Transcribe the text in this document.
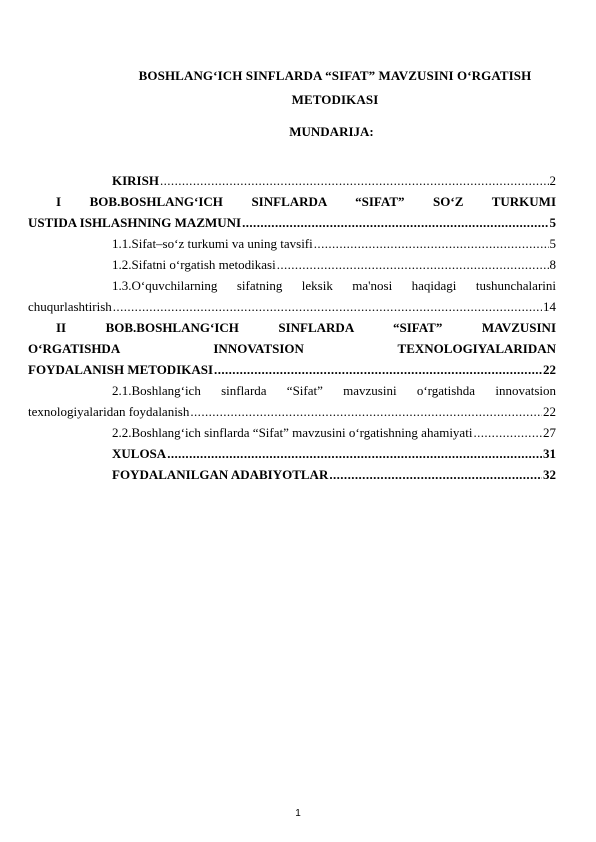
BOSHLANG‘ICH SINFLARDA “SIFAT” MAVZUSINI O‘RGATISH
METODIKASI
MUNDARIJA:
KIRISH .....	2
I BOB.BOSHLANG‘ICH SINFLARDA “SIFAT” SO‘Z TURKUMI
USTIDA ISHLASHNING MAZMUNI .....	5
1.1.Sifat–so‘z turkumi va uning tavsifi .....	5
1.2.Sifatni o‘rgatish metodikasi .....	8
1.3.O‘quvchilarning sifatning leksik ma'nosi haqidagi tushunchalarini
chuqurlashtirish .....	14
II BOB.BOSHLANG‘ICH SINFLARDA “SIFAT” MAVZUSINI
O‘RGATISHDA INNOVATSION TEXNOLOGIYALARIDAN
FOYDALANISH METODIKASI .....	22
2.1.Boshlang‘ich sinflarda “Sifat” mavzusini o‘rgatishda innovatsion
texnologiyalaridan foydalanish .....	22
2.2.Boshlang‘ich sinflarda “Sifat” mavzusini o‘rgatishning ahamiyati .....	27
XULOSA .....	31
FOYDALANILGAN ADABIYOTLAR .....	32
1
